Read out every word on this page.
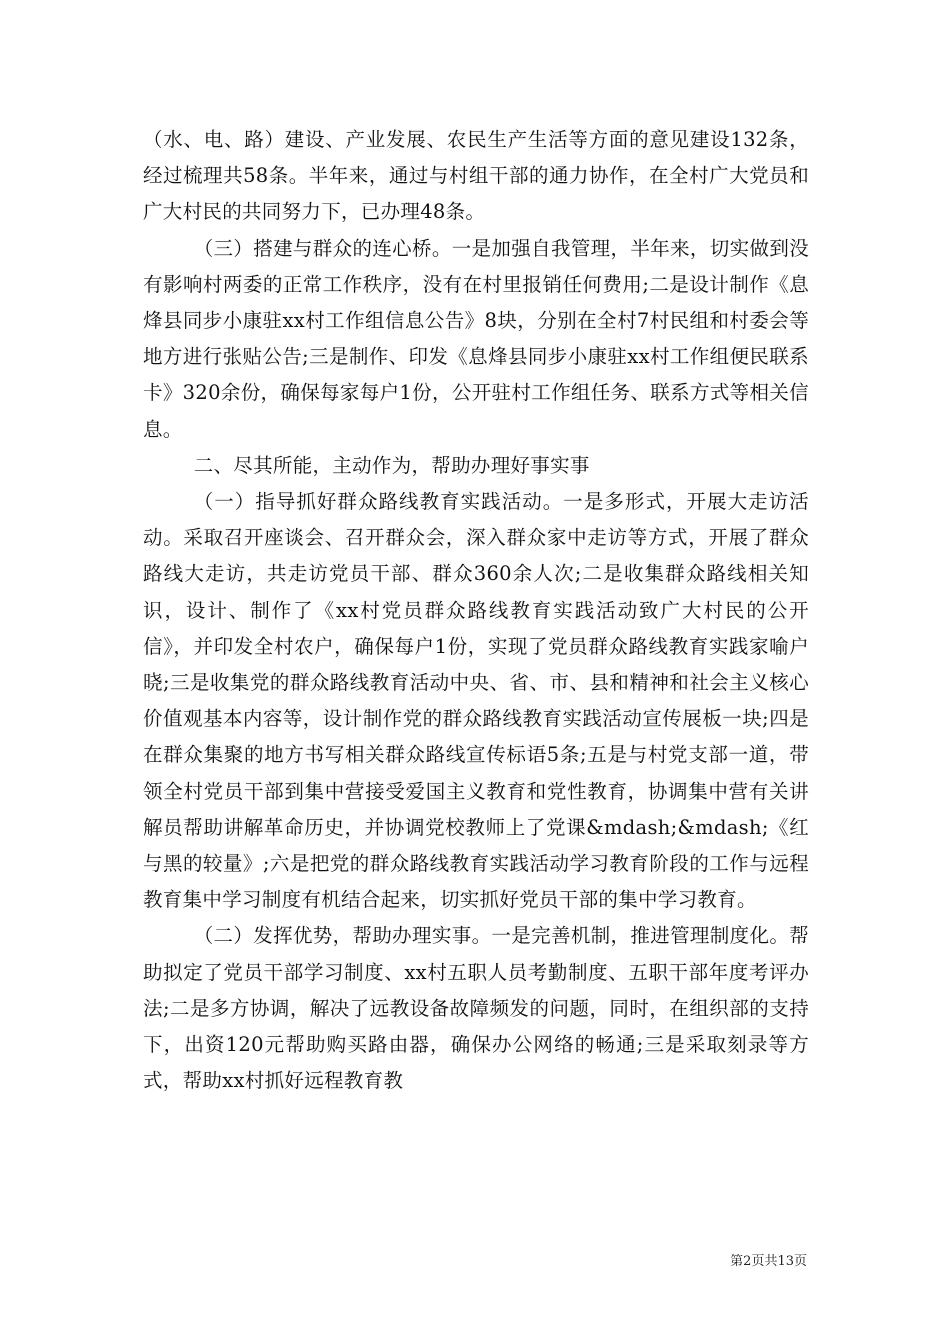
（水、电、路）建设、产业发展、农民生产生活等方面的意见建设132条，经过梳理共58条。半年来，通过与村组干部的通力协作，在全村广大党员和广大村民的共同努力下，已办理48条。

（三）搭建与群众的连心桥。一是加强自我管理，半年来，切实做到没有影响村两委的正常工作秩序，没有在村里报销任何费用;二是设计制作《息烽县同步小康驻xx村工作组信息公告》8块，分别在全村7村民组和村委会等地方进行张贴公告;三是制作、印发《息烽县同步小康驻xx村工作组便民联系卡》320余份，确保每家每户1份，公开驻村工作组任务、联系方式等相关信息。

二、尽其所能，主动作为，帮助办理好事实事

（一）指导抓好群众路线教育实践活动。一是多形式，开展大走访活动。采取召开座谈会、召开群众会，深入群众家中走访等方式，开展了群众路线大走访，共走访党员干部、群众360余人次;二是收集群众路线相关知识，设计、制作了《xx村党员群众路线教育实践活动致广大村民的公开信》，并印发全村农户，确保每户1份，实现了党员群众路线教育实践家喻户晓;三是收集党的群众路线教育活动中央、省、市、县和精神和社会主义核心价值观基本内容等，设计制作党的群众路线教育实践活动宣传展板一块;四是在群众集聚的地方书写相关群众路线宣传标语5条;五是与村党支部一道，带领全村党员干部到集中营接受爱国主义教育和党性教育，协调集中营有关讲解员帮助讲解革命历史，并协调党校教师上了党课&mdash;&mdash;《红与黑的较量》;六是把党的群众路线教育实践活动学习教育阶段的工作与远程教育集中学习制度有机结合起来，切实抓好党员干部的集中学习教育。

（二）发挥优势，帮助办理实事。一是完善机制，推进管理制度化。帮助拟定了党员干部学习制度、xx村五职人员考勤制度、五职干部年度考评办法;二是多方协调，解决了远教设备故障频发的问题，同时，在组织部的支持下，出资120元帮助购买路由器，确保办公网络的畅通;三是采取刻录等方式，帮助xx村抓好远程教育教

第2页共13页
